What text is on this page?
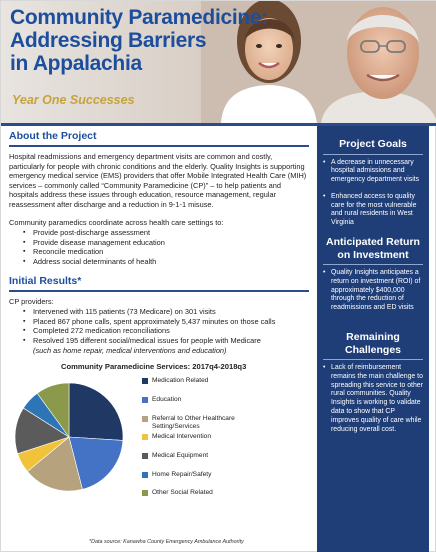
Community Paramedicine:
Addressing Barriers
in Appalachia
Year One Successes
About the Project

Hospital readmissions and emergency department visits are common and costly, particularly for people with chronic conditions and the elderly. Quality Insights is supporting emergency medical service (EMS) providers that offer Mobile Integrated Health Care (MIH) services – commonly called “Community Paramedicine (CP)” – to help patients and hospitals address these issues through education, resource management, regular reassessment after discharge and a reduction in 9-1-1 misuse.

Community paramedics coordinate across health care settings to:

▪ Provide post-discharge assessment
▪ Provide disease management education
▪ Reconcile medication
▪ Address social determinants of health
Initial Results*

CP providers:

▪ Intervened with 115 patients (73 Medicare) on 301 visits
▪ Placed 867 phone calls, spent approximately 5,437 minutes on those calls
▪ Completed 272 medication reconciliations
▪ Resolved 195 different social/medical issues for people with Medicare
(such as home repair, medical interventions and education)
Community Paramedicine Services: 2017q4-2018q3
Medication Related
Education
Referral to Other Healthcare Setting/Services
Medical Intervention
Medical Equipment
Home Repair/Safety
Other Social Related
*Data source: Kanawha County Emergency Ambulance Authority
Project Goals
• A decrease in unnecessary hospital admissions and emergency department visits
• Enhanced access to quality care for the most vulnerable and rural residents in West Virginia
Anticipated Return
on Investment
• Quality Insights anticipates a return on investment (ROI) of approximately $400,000 through the reduction of readmissions and ED visits
Remaining
Challenges
• Lack of reimbursement remains the main challenge to spreading this service to other rural communities. Quality Insights is working to validate data to show that CP improves quality of care while reducing overall cost.
